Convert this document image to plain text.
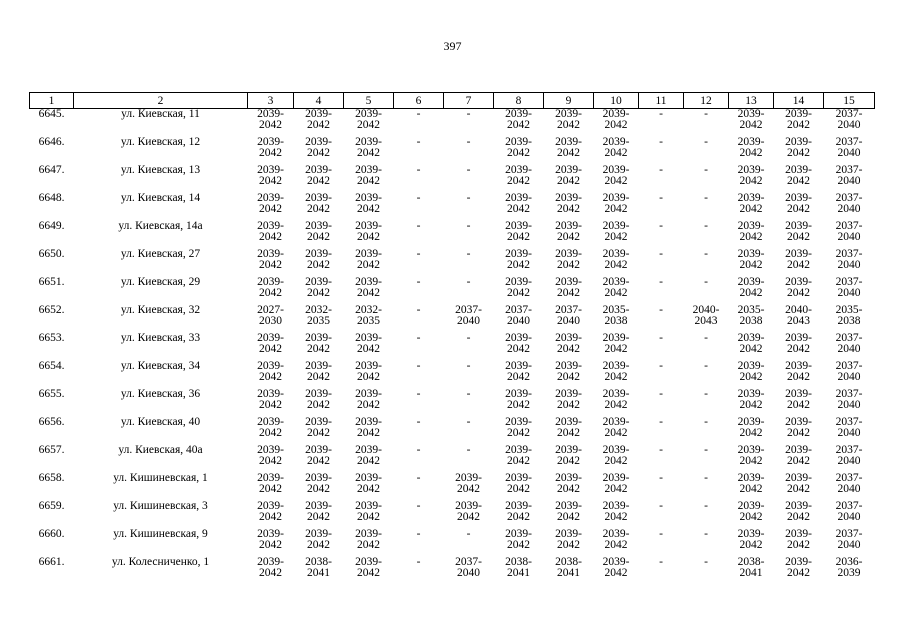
397
1	2	3	4	5	6	7	8	9	10	11	12	13	14	15
6645.	ул. Киевская, 11	2039-
2042	2039-
2042	2039-
2042	-	-	2039-
2042	2039-
2042	2039-
2042	-	-	2039-
2042	2039-
2042	2037-
2040

6646.	ул. Киевская, 12	2039-
2042	2039-
2042	2039-
2042	-	-	2039-
2042	2039-
2042	2039-
2042	-	-	2039-
2042	2039-
2042	2037-
2040

6647.	ул. Киевская, 13	2039-
2042	2039-
2042	2039-
2042	-	-	2039-
2042	2039-
2042	2039-
2042	-	-	2039-
2042	2039-
2042	2037-
2040

6648.	ул. Киевская, 14	2039-
2042	2039-
2042	2039-
2042	-	-	2039-
2042	2039-
2042	2039-
2042	-	-	2039-
2042	2039-
2042	2037-
2040

6649.	ул. Киевская, 14а	2039-
2042	2039-
2042	2039-
2042	-	-	2039-
2042	2039-
2042	2039-
2042	-	-	2039-
2042	2039-
2042	2037-
2040

6650.	ул. Киевская, 27	2039-
2042	2039-
2042	2039-
2042	-	-	2039-
2042	2039-
2042	2039-
2042	-	-	2039-
2042	2039-
2042	2037-
2040

6651.	ул. Киевская, 29	2039-
2042	2039-
2042	2039-
2042	-	-	2039-
2042	2039-
2042	2039-
2042	-	-	2039-
2042	2039-
2042	2037-
2040

6652.	ул. Киевская, 32	2027-
2030	2032-
2035	2032-
2035	-	2037-
2040	2037-
2040	2037-
2040	2035-
2038	-	2040-
2043	2035-
2038	2040-
2043	2035-
2038

6653.	ул. Киевская, 33	2039-
2042	2039-
2042	2039-
2042	-	-	2039-
2042	2039-
2042	2039-
2042	-	-	2039-
2042	2039-
2042	2037-
2040

6654.	ул. Киевская, 34	2039-
2042	2039-
2042	2039-
2042	-	-	2039-
2042	2039-
2042	2039-
2042	-	-	2039-
2042	2039-
2042	2037-
2040

6655.	ул. Киевская, 36	2039-
2042	2039-
2042	2039-
2042	-	-	2039-
2042	2039-
2042	2039-
2042	-	-	2039-
2042	2039-
2042	2037-
2040

6656.	ул. Киевская, 40	2039-
2042	2039-
2042	2039-
2042	-	-	2039-
2042	2039-
2042	2039-
2042	-	-	2039-
2042	2039-
2042	2037-
2040

6657.	ул. Киевская, 40а	2039-
2042	2039-
2042	2039-
2042	-	-	2039-
2042	2039-
2042	2039-
2042	-	-	2039-
2042	2039-
2042	2037-
2040

6658.	ул. Кишиневская, 1	2039-
2042	2039-
2042	2039-
2042	-	2039-
2042	2039-
2042	2039-
2042	2039-
2042	-	-	2039-
2042	2039-
2042	2037-
2040

6659.	ул. Кишиневская, 3	2039-
2042	2039-
2042	2039-
2042	-	2039-
2042	2039-
2042	2039-
2042	2039-
2042	-	-	2039-
2042	2039-
2042	2037-
2040

6660.	ул. Кишиневская, 9	2039-
2042	2039-
2042	2039-
2042	-	-	2039-
2042	2039-
2042	2039-
2042	-	-	2039-
2042	2039-
2042	2037-
2040

6661.	ул. Колесниченко, 1	2039-
2042	2038-
2041	2039-
2042	-	2037-
2040	2038-
2041	2038-
2041	2039-
2042	-	-	2038-
2041	2039-
2042	2036-
2039
